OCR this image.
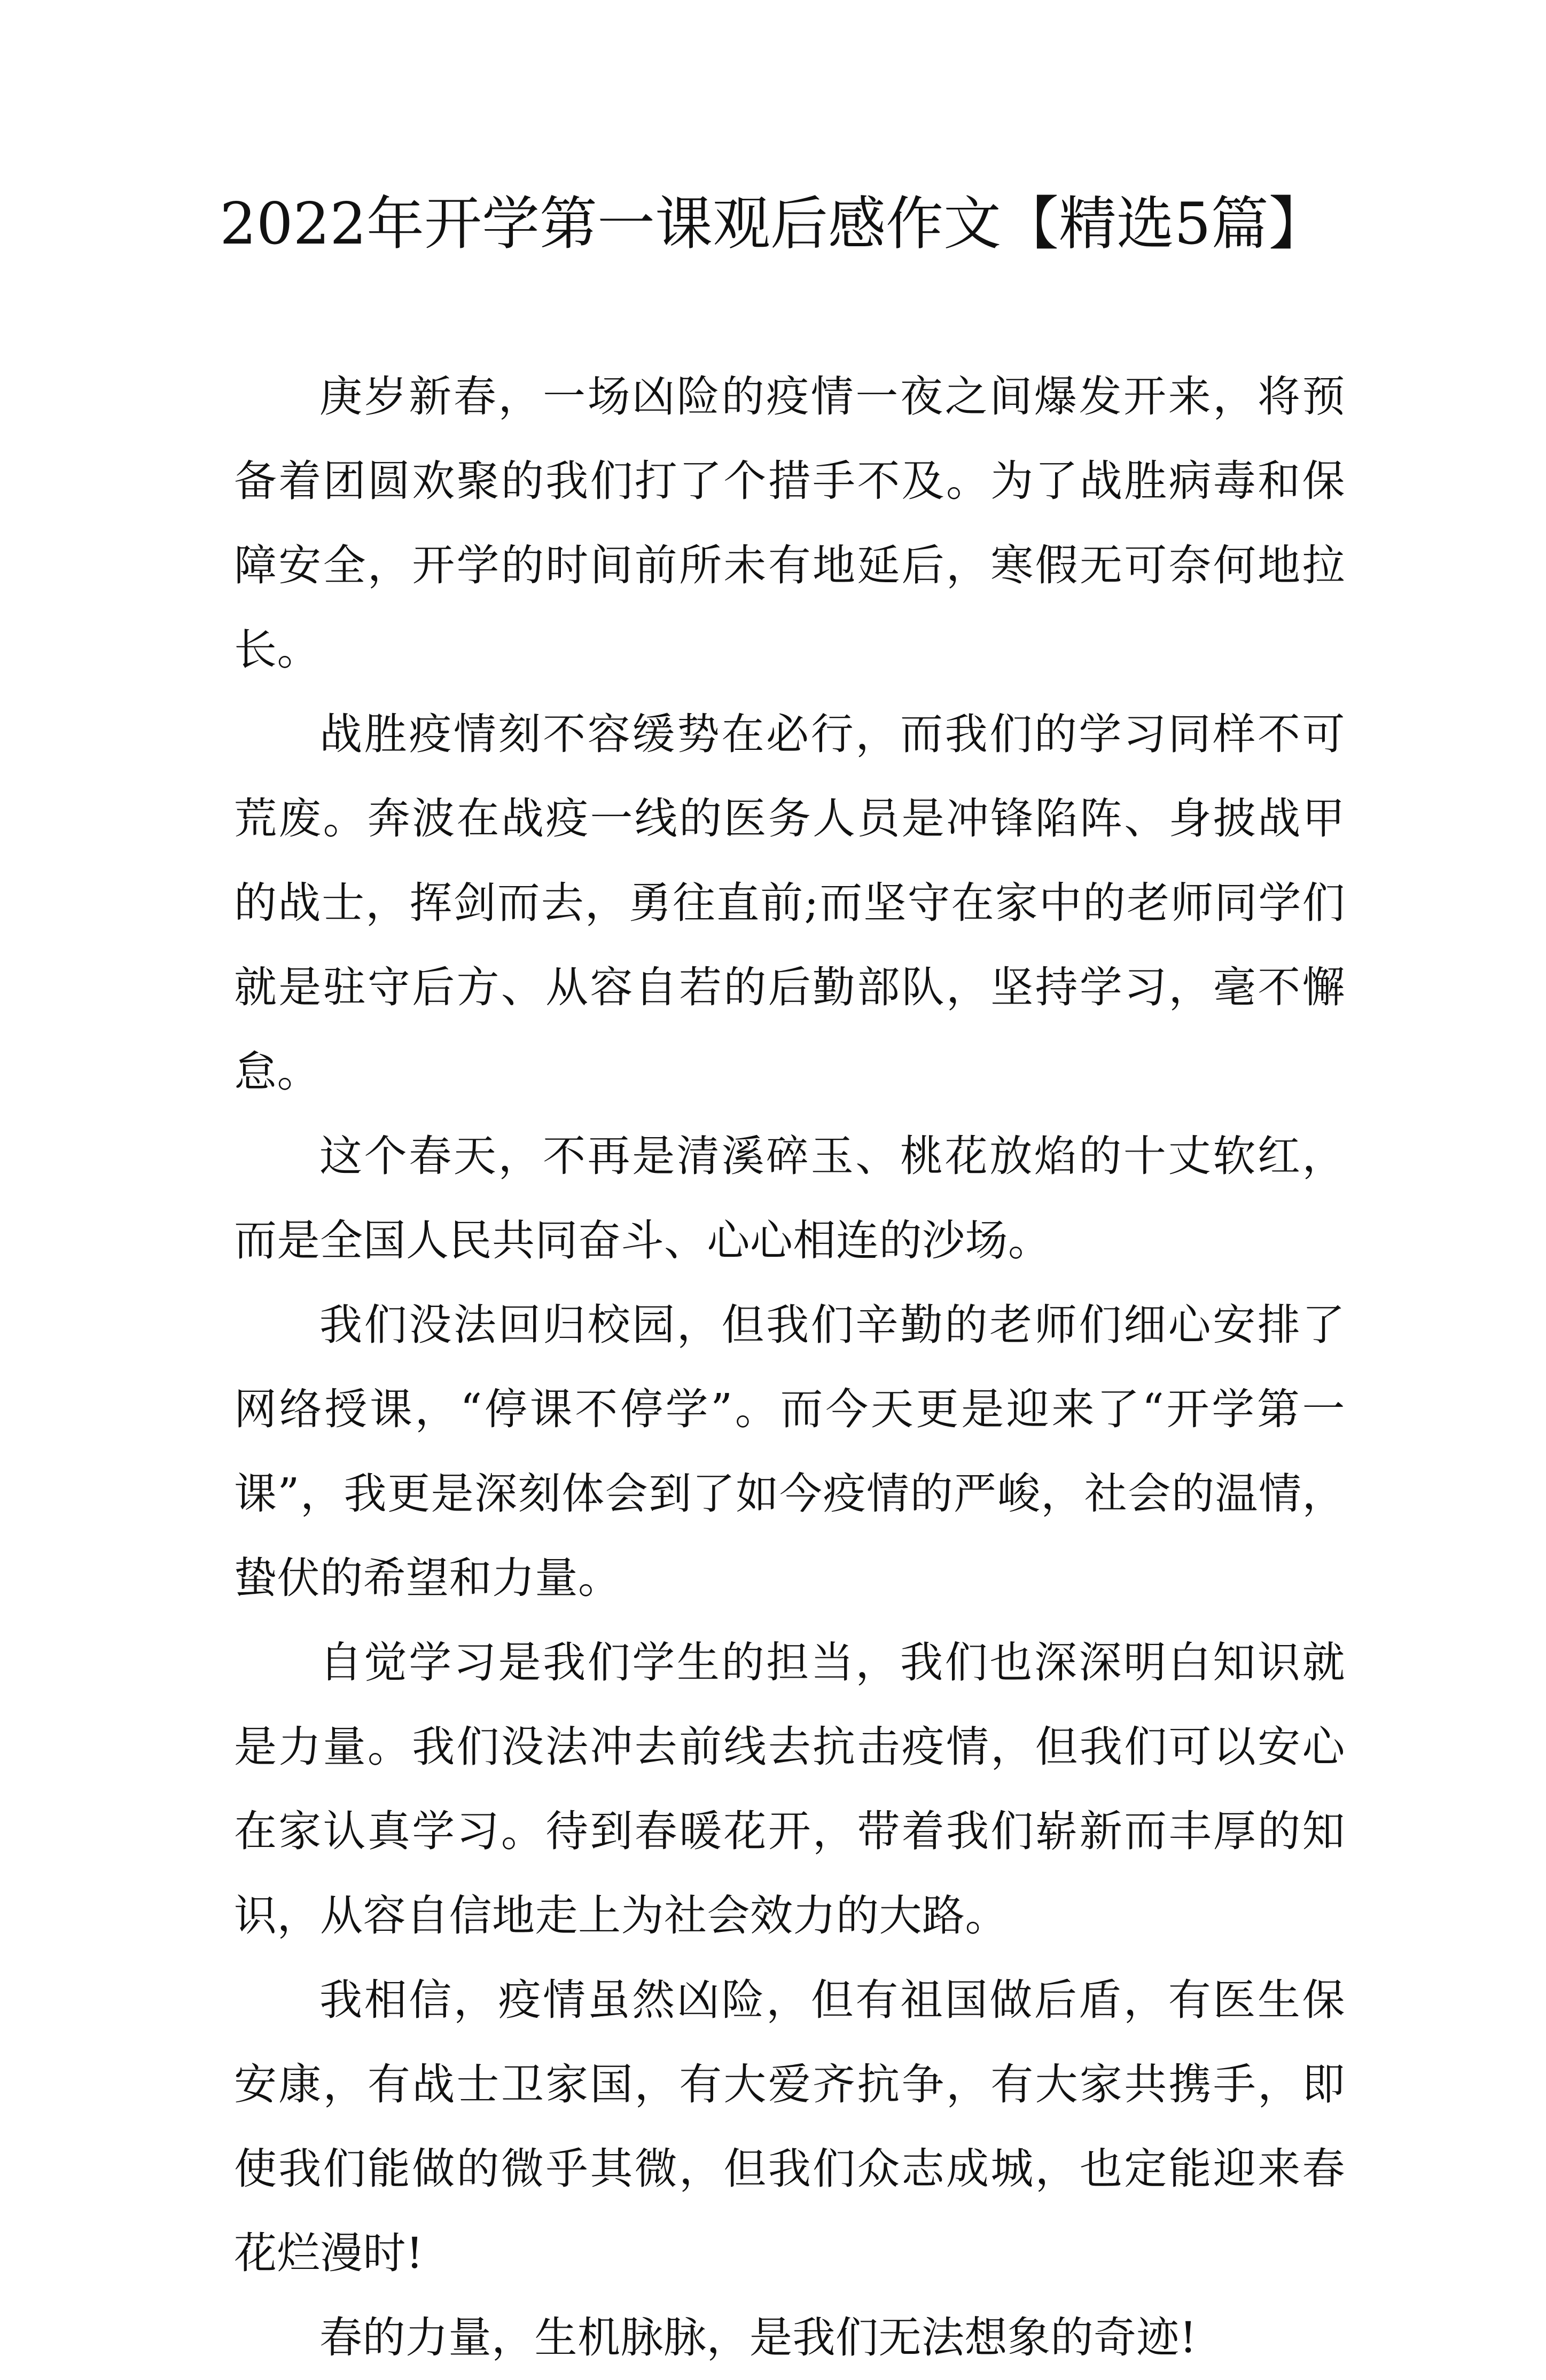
2022年开学第一课观后感作文【精选5篇】

庚岁新春，一场凶险的疫情一夜之间爆发开来，将预备着团圆欢聚的我们打了个措手不及。为了战胜病毒和保障安全，开学的时间前所未有地延后，寒假无可奈何地拉长。

战胜疫情刻不容缓势在必行，而我们的学习同样不可荒废。奔波在战疫一线的医务人员是冲锋陷阵、身披战甲的战士，挥剑而去，勇往直前;而坚守在家中的老师同学们就是驻守后方、从容自若的后勤部队，坚持学习，毫不懈怠。

这个春天，不再是清溪碎玉、桃花放焰的十丈软红，而是全国人民共同奋斗、心心相连的沙场。

我们没法回归校园，但我们辛勤的老师们细心安排了网络授课，“停课不停学”。而今天更是迎来了“开学第一课”，我更是深刻体会到了如今疫情的严峻，社会的温情，蛰伏的希望和力量。

自觉学习是我们学生的担当，我们也深深明白知识就是力量。我们没法冲去前线去抗击疫情，但我们可以安心在家认真学习。待到春暖花开，带着我们崭新而丰厚的知识，从容自信地走上为社会效力的大路。

我相信，疫情虽然凶险，但有祖国做后盾，有医生保安康，有战士卫家国，有大爱齐抗争，有大家共携手，即使我们能做的微乎其微，但我们众志成城，也定能迎来春花烂漫时!

春的力量，生机脉脉，是我们无法想象的奇迹!
